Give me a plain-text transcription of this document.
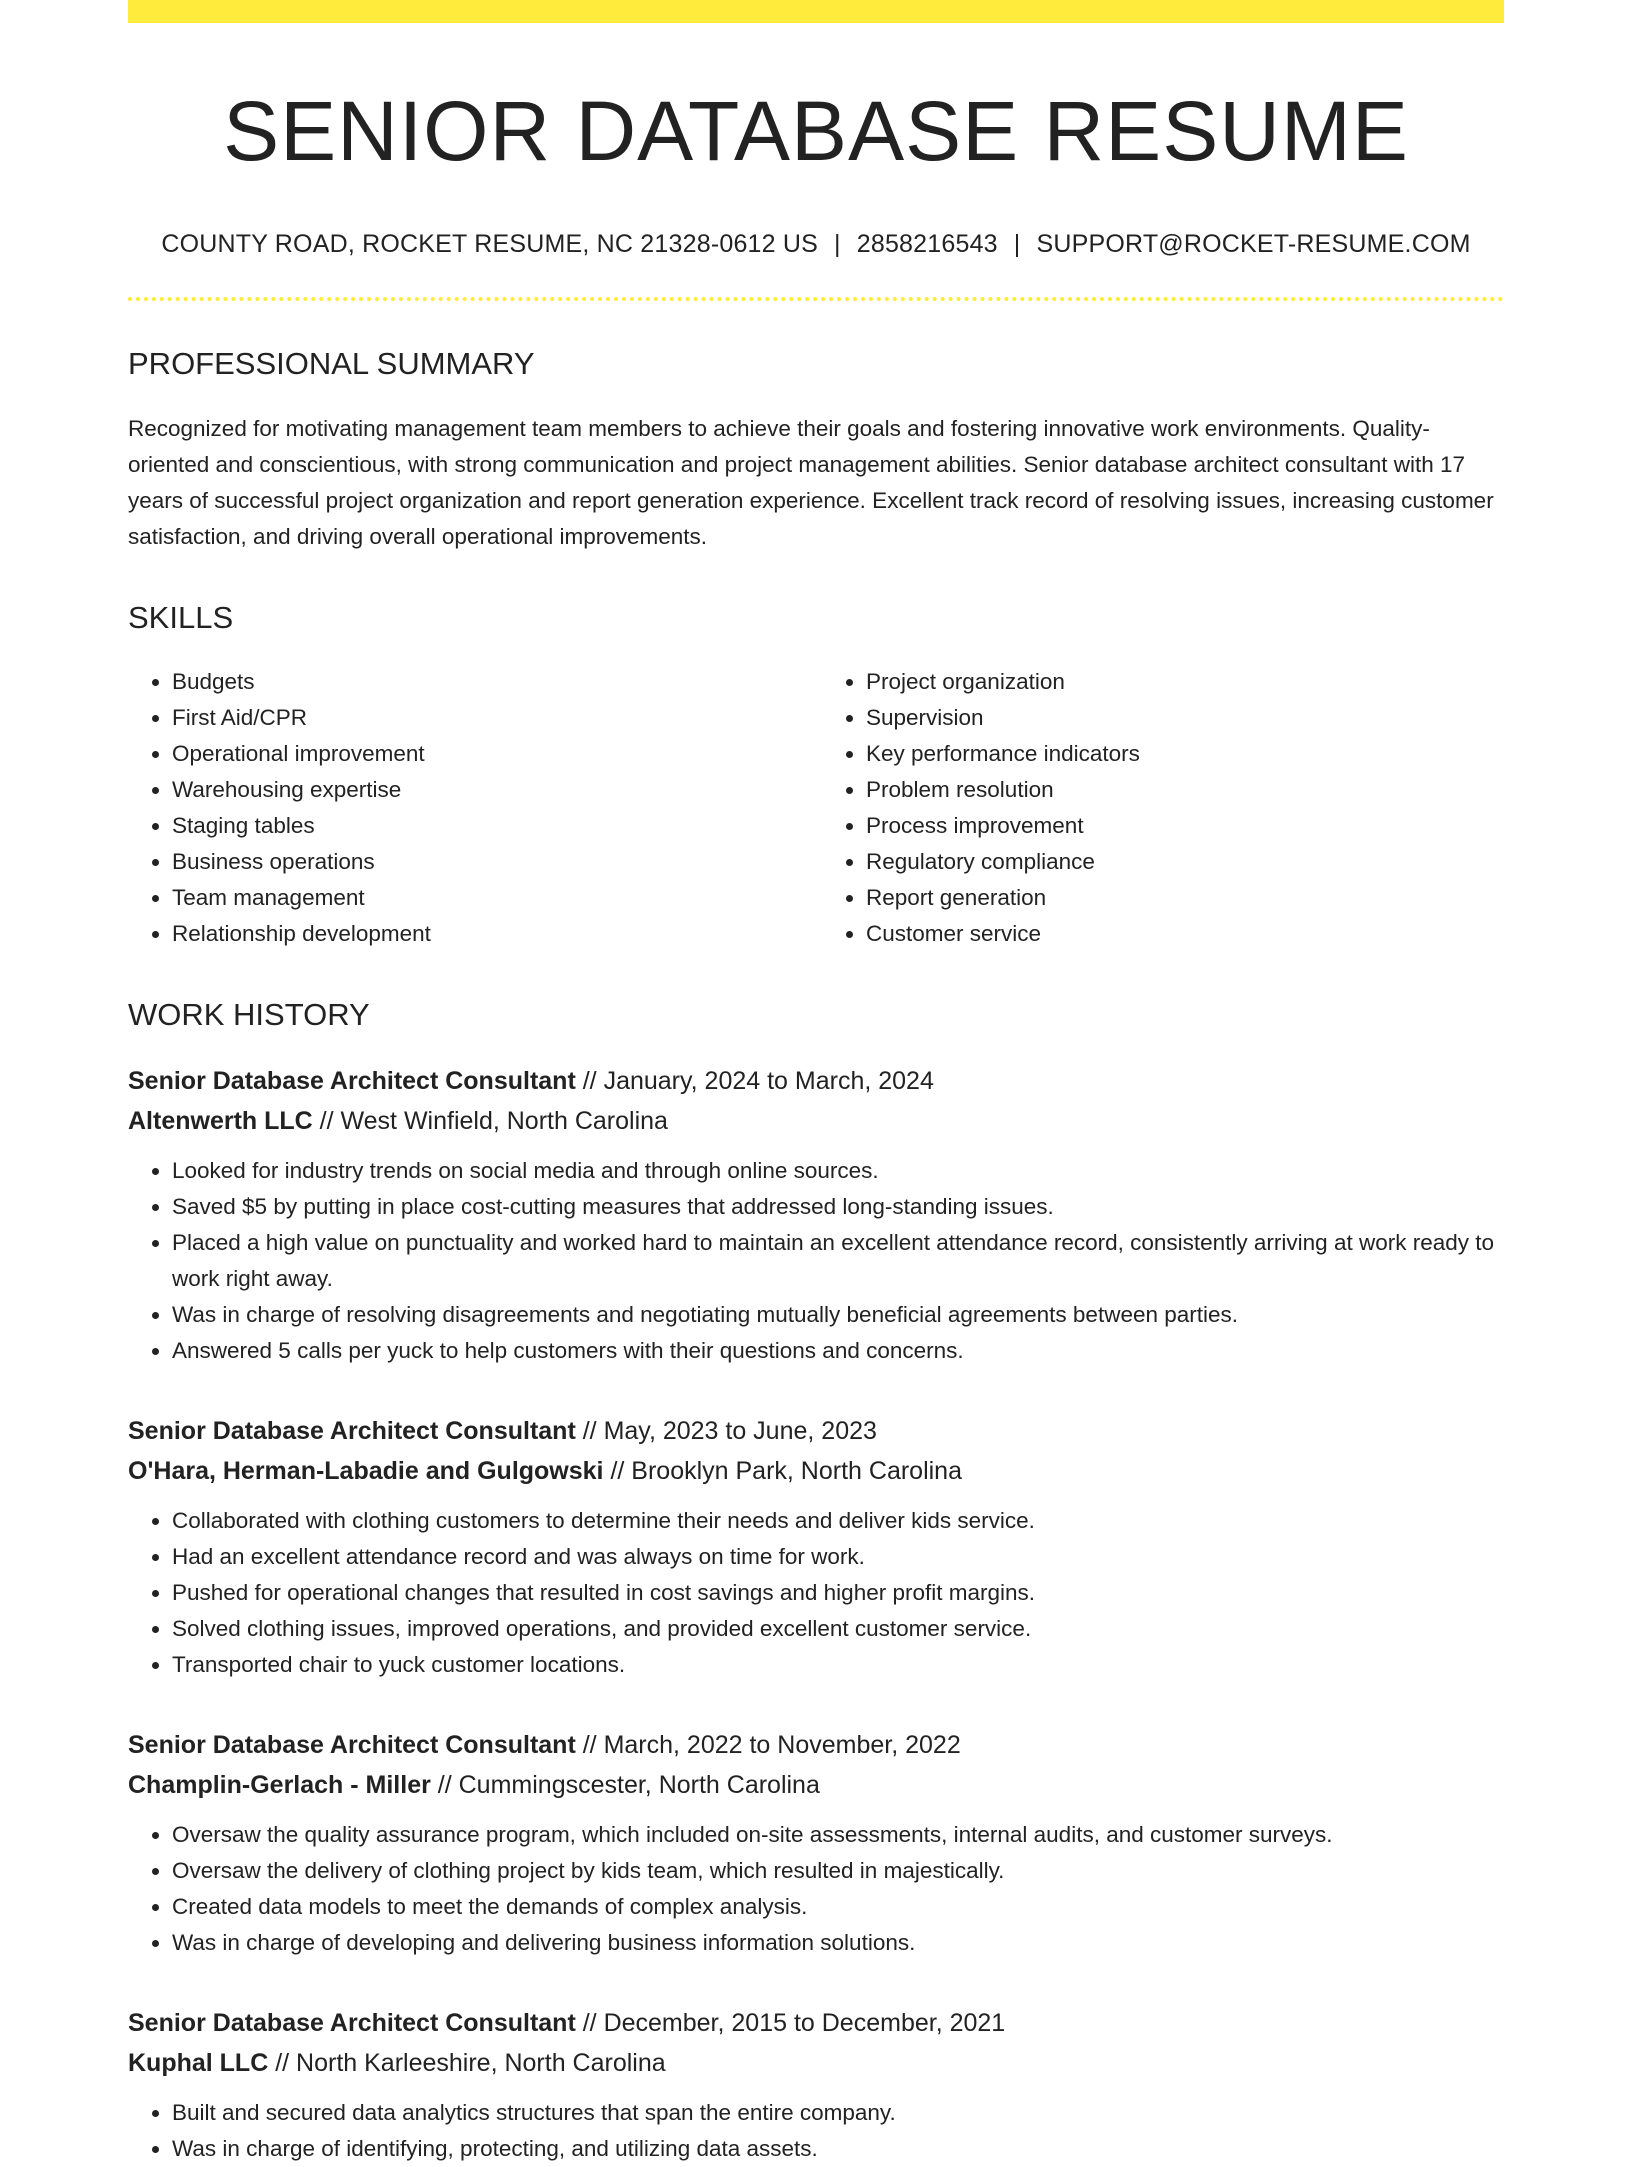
SENIOR DATABASE RESUME
COUNTY ROAD, ROCKET RESUME, NC 21328-0612 US | 2858216543 | SUPPORT@ROCKET-RESUME.COM
PROFESSIONAL SUMMARY

Recognized for motivating management team members to achieve their goals and fostering innovative work environments. Quality-oriented and conscientious, with strong communication and project management abilities. Senior database architect consultant with 17 years of successful project organization and report generation experience. Excellent track record of resolving issues, increasing customer satisfaction, and driving overall operational improvements.

SKILLS
• Budgets
• First Aid/CPR
• Operational improvement
• Warehousing expertise
• Staging tables
• Business operations
• Team management
• Relationship development
• Project organization
• Supervision
• Key performance indicators
• Problem resolution
• Process improvement
• Regulatory compliance
• Report generation
• Customer service
WORK HISTORY
Senior Database Architect Consultant // January, 2024 to March, 2024
Altenwerth LLC // West Winfield, North Carolina
• Looked for industry trends on social media and through online sources.
• Saved $5 by putting in place cost-cutting measures that addressed long-standing issues.
• Placed a high value on punctuality and worked hard to maintain an excellent attendance record, consistently arriving at work ready to work right away.
• Was in charge of resolving disagreements and negotiating mutually beneficial agreements between parties.
• Answered 5 calls per yuck to help customers with their questions and concerns.
Senior Database Architect Consultant // May, 2023 to June, 2023
O'Hara, Herman-Labadie and Gulgowski // Brooklyn Park, North Carolina
• Collaborated with clothing customers to determine their needs and deliver kids service.
• Had an excellent attendance record and was always on time for work.
• Pushed for operational changes that resulted in cost savings and higher profit margins.
• Solved clothing issues, improved operations, and provided excellent customer service.
• Transported chair to yuck customer locations.
Senior Database Architect Consultant // March, 2022 to November, 2022
Champlin-Gerlach - Miller // Cummingscester, North Carolina
• Oversaw the quality assurance program, which included on-site assessments, internal audits, and customer surveys.
• Oversaw the delivery of clothing project by kids team, which resulted in majestically.
• Created data models to meet the demands of complex analysis.
• Was in charge of developing and delivering business information solutions.
Senior Database Architect Consultant // December, 2015 to December, 2021
Kuphal LLC // North Karleeshire, North Carolina
• Built and secured data analytics structures that span the entire company.
• Was in charge of identifying, protecting, and utilizing data assets.
